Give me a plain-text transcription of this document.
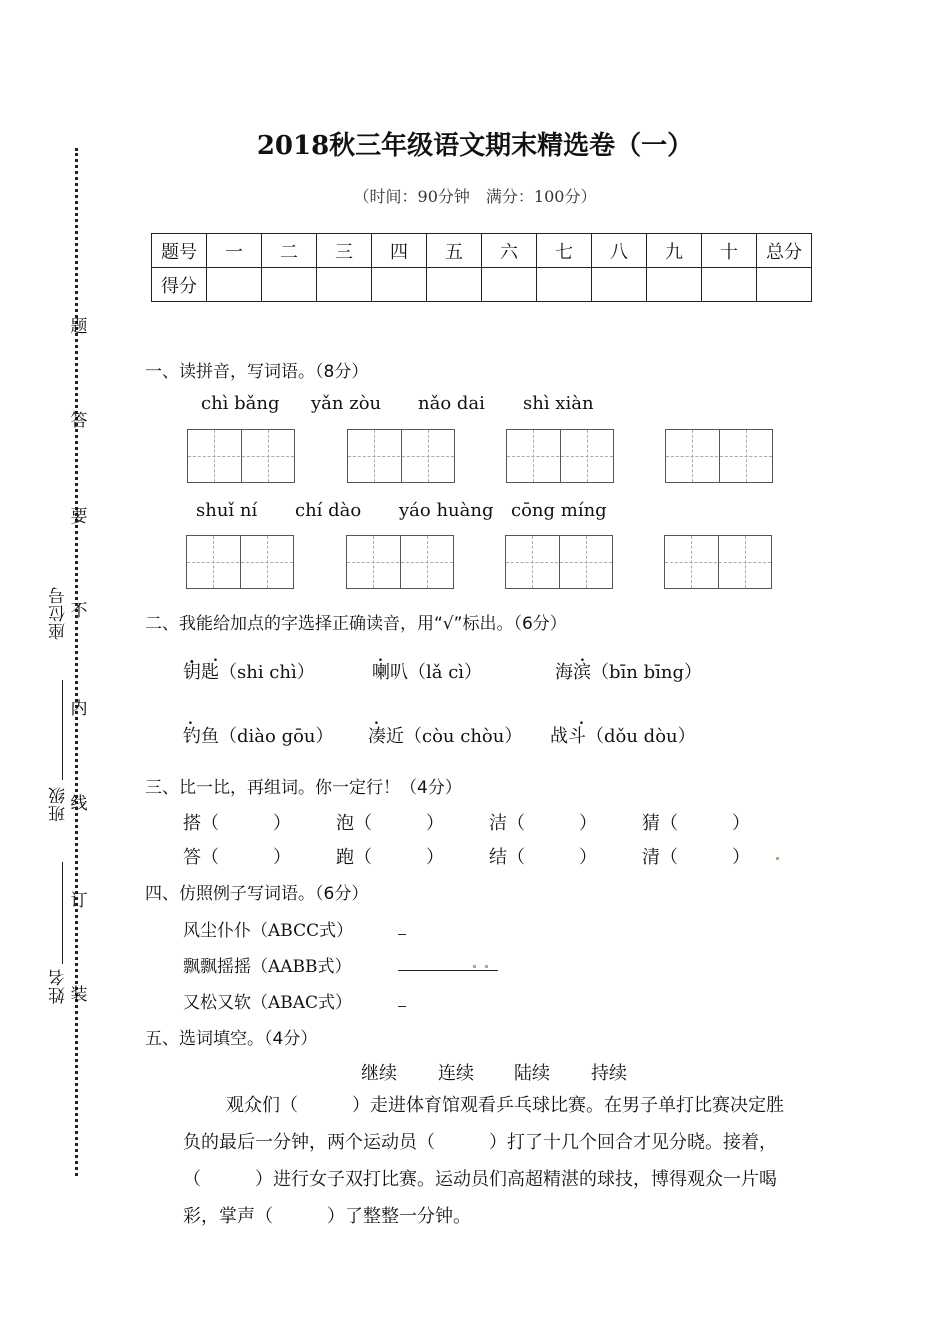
题
答
要
不
内
线
订
装
座位号
班级
姓名
2018秋三年级语文期末精选卷（一）
（时间：90分钟　满分：100分）
题号	一	二	三	四	五	六	七	八	九	十	总分
得分											
一、读拼音，写词语。（8分）
chì bǎng yǎn zòu nǎo dai shì xiàn
shuǐ ní chí dào yáo huàng cōng míng
二、我能给加点的字选择正确读音，用“√”标出。（6分）
钥匙（shi chì）	喇叭（lǎ cì）	海滨（bīn bīng）
钓鱼（diào gōu） 凑近（còu chòu） 战斗（dǒu dòu）
.	.	.
.	.	.
三、比一比，再组词。你一定行！（4分）
搭（　　　）	泡（　　　）	洁（　　　）	猜（　　　）
答（　　　）	跑（　　　）	结（　　　）	清（　　　）
四、仿照例子写词语。（6分）
风尘仆仆（ABCC式）
飘飘摇摇（AABB式）
又松又软（ABAC式）
五、选词填空。（4分）
继续 连续 陆续 持续
观众们（　　　）走进体育馆观看乒乓球比赛。在男子单打比赛决定胜
负的最后一分钟，两个运动员（　　　）打了十几个回合才见分晓。接着，
（　　　）进行女子双打比赛。运动员们高超精湛的球技，博得观众一片喝
彩，掌声（　　　）了整整一分钟。
